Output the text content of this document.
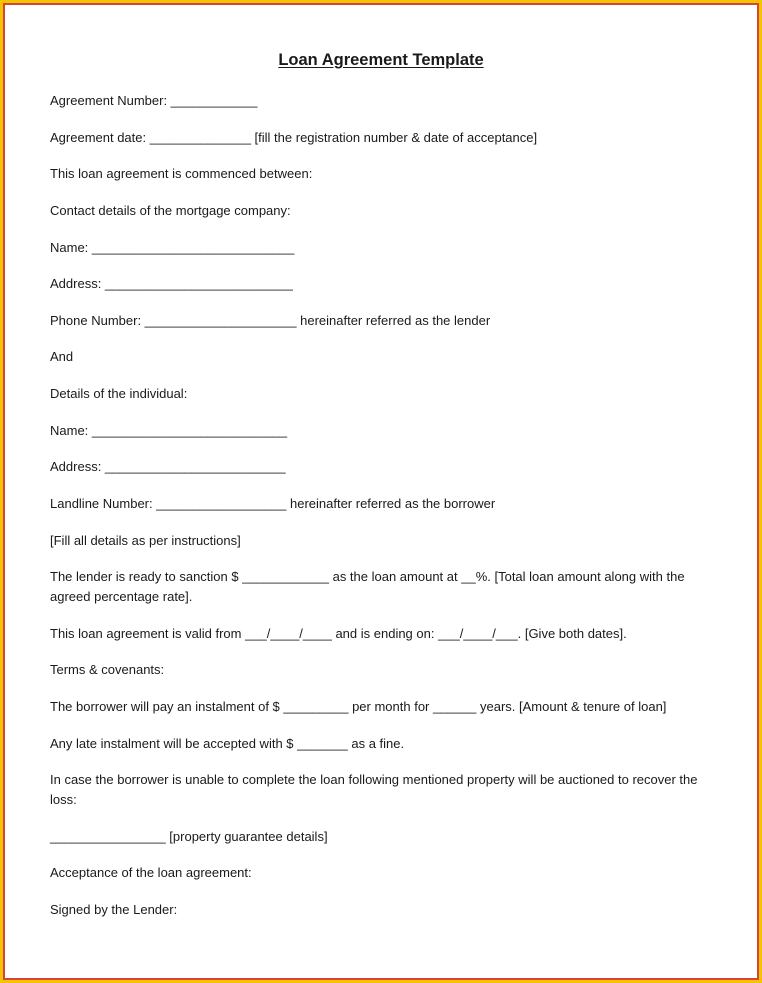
Loan Agreement Template
Agreement Number: ____________
Agreement date: ______________ [fill the registration number & date of acceptance]
This loan agreement is commenced between:
Contact details of the mortgage company:
Name: ____________________________
Address: __________________________
Phone Number: _____________________ hereinafter referred as the lender
And
Details of the individual:
Name: ___________________________
Address: _________________________
Landline Number: __________________ hereinafter referred as the borrower
[Fill all details as per instructions]
The lender is ready to sanction $ ____________ as the loan amount at __%. [Total loan amount along with the agreed percentage rate].
This loan agreement is valid from ___/____/____ and is ending on: ___/____/___. [Give both dates].
Terms & covenants:
The borrower will pay an instalment of $ _________ per month for ______ years. [Amount & tenure of loan]
Any late instalment will be accepted with $ _______ as a fine.
In case the borrower is unable to complete the loan following mentioned property will be auctioned to recover the loss:
________________ [property guarantee details]
Acceptance of the loan agreement:
Signed by the Lender:
